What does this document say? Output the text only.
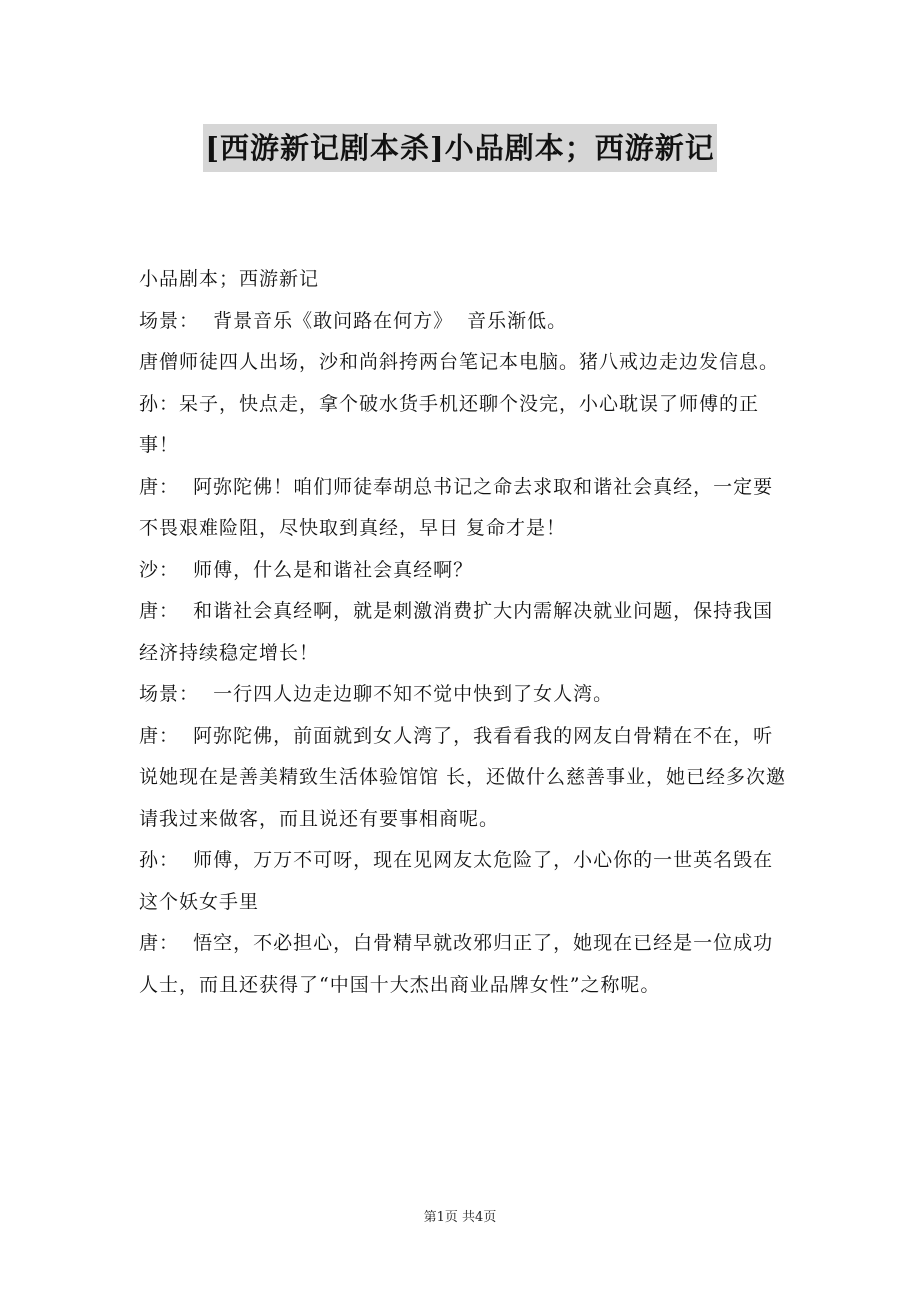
[西游新记剧本杀]小品剧本；西游新记

小品剧本；西游新记

场景：  背景音乐《敢问路在何方》  音乐渐低。

唐僧师徒四人出场，沙和尚斜挎两台笔记本电脑。猪八戒边走边发信息。

孙：呆子，快点走，拿个破水货手机还聊个没完，小心耽误了师傅的正事！

唐：  阿弥陀佛！咱们师徒奉胡总书记之命去求取和谐社会真经，一定要不畏艰难险阻，尽快取到真经，早日 复命才是！

沙：  师傅，什么是和谐社会真经啊？

唐：  和谐社会真经啊，就是刺激消费扩大内需解决就业问题，保持我国经济持续稳定增长！

场景：  一行四人边走边聊不知不觉中快到了女人湾。

唐：  阿弥陀佛，前面就到女人湾了，我看看我的网友白骨精在不在，听说她现在是善美精致生活体验馆馆 长，还做什么慈善事业，她已经多次邀请我过来做客，而且说还有要事相商呢。

孙：  师傅，万万不可呀，现在见网友太危险了，小心你的一世英名毁在这个妖女手里

唐：  悟空，不必担心，白骨精早就改邪归正了，她现在已经是一位成功人士，而且还获得了“中国十大杰出商业品牌女性”之称呢。

第1页 共4页
